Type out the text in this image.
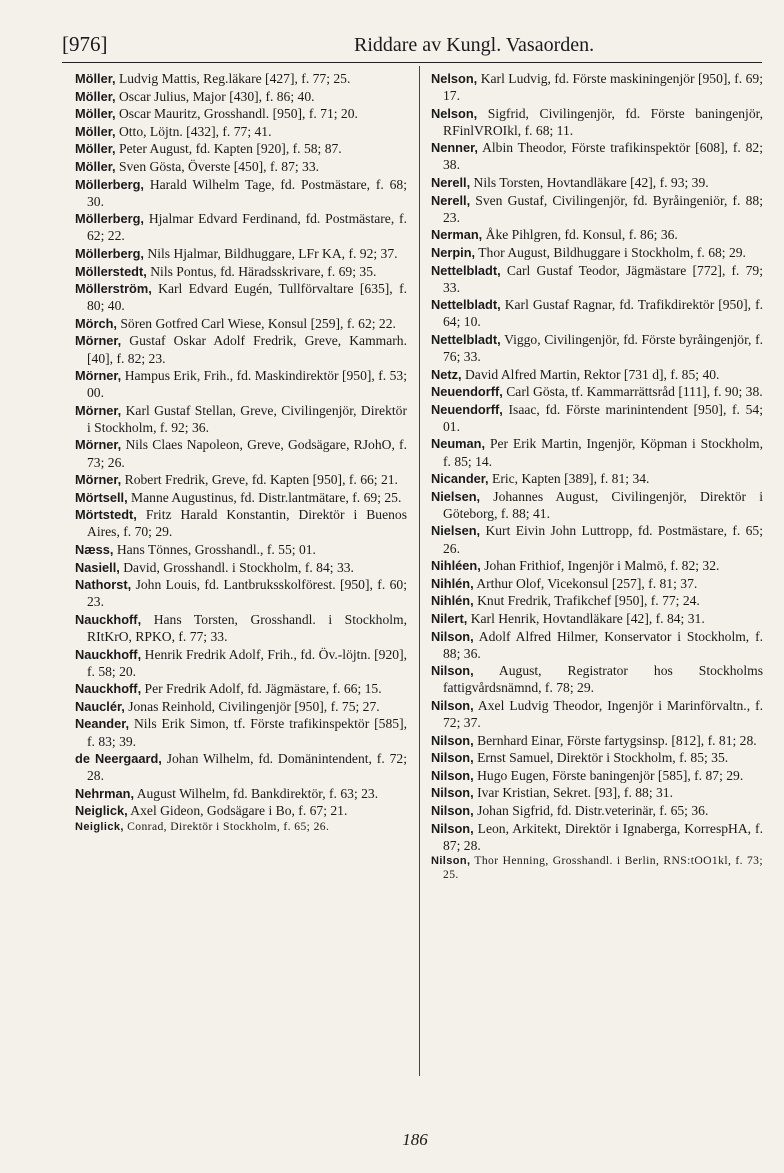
[976]	Riddare av Kungl. Vasaorden.

Möller, Ludvig Mattis, Reg.läkare [427], f. 77; 25.

Möller, Oscar Julius, Major [430], f. 86; 40.

Möller, Oscar Mauritz, Grosshandl. [950], f. 71; 20.

Möller, Otto, Löjtn. [432], f. 77; 41.

Möller, Peter August, fd. Kapten [920], f. 58; 87.

Möller, Sven Gösta, Överste [450], f. 87; 33.

Möllerberg, Harald Wilhelm Tage, fd. Postmästare, f. 68; 30.

Möllerberg, Hjalmar Edvard Ferdinand, fd. Postmästare, f. 62; 22.

Möllerberg, Nils Hjalmar, Bildhuggare, LFr KA, f. 92; 37.

Möllerstedt, Nils Pontus, fd. Häradsskrivare, f. 69; 35.

Möllerström, Karl Edvard Eugén, Tullförvaltare [635], f. 80; 40.

Mörch, Sören Gotfred Carl Wiese, Konsul [259], f. 62; 22.

Mörner, Gustaf Oskar Adolf Fredrik, Greve, Kammarh. [40], f. 82; 23.

Mörner, Hampus Erik, Frih., fd. Maskindirektör [950], f. 53; 00.

Mörner, Karl Gustaf Stellan, Greve, Civilingenjör, Direktör i Stockholm, f. 92; 36.

Mörner, Nils Claes Napoleon, Greve, Godsägare, RJohO, f. 73; 26.

Mörner, Robert Fredrik, Greve, fd. Kapten [950], f. 66; 21.

Mörtsell, Manne Augustinus, fd. Distr.lantmätare, f. 69; 25.

Mörtstedt, Fritz Harald Konstantin, Direktör i Buenos Aires, f. 70; 29.

Næss, Hans Tönnes, Grosshandl., f. 55; 01.

Nasiell, David, Grosshandl. i Stockholm, f. 84; 33.

Nathorst, John Louis, fd. Lantbruksskolförest. [950], f. 60; 23.

Nauckhoff, Hans Torsten, Grosshandl. i Stockholm, RItKrO, RPKO, f. 77; 33.

Nauckhoff, Henrik Fredrik Adolf, Frih., fd. Öv.-löjtn. [920], f. 58; 20.

Nauckhoff, Per Fredrik Adolf, fd. Jägmästare, f. 66; 15.

Nauclér, Jonas Reinhold, Civilingenjör [950], f. 75; 27.

Neander, Nils Erik Simon, tf. Förste trafikinspektör [585], f. 83; 39.

de Neergaard, Johan Wilhelm, fd. Domänintendent, f. 72; 28.

Nehrman, August Wilhelm, fd. Bankdirektör, f. 63; 23.

Neiglick, Axel Gideon, Godsägare i Bo, f. 67; 21.

Neiglick, Conrad, Direktör i Stockholm, f. 65; 26.

Nelson, Karl Ludvig, fd. Förste maskiningenjör [950], f. 69; 17.

Nelson, Sigfrid, Civilingenjör, fd. Förste baningenjör, RFinlVROIkl, f. 68; 11.

Nenner, Albin Theodor, Förste trafikinspektör [608], f. 82; 38.

Nerell, Nils Torsten, Hovtandläkare [42], f. 93; 39.

Nerell, Sven Gustaf, Civilingenjör, fd. Byråingeniör, f. 88; 23.

Nerman, Åke Pihlgren, fd. Konsul, f. 86; 36.

Nerpin, Thor August, Bildhuggare i Stockholm, f. 68; 29.

Nettelbladt, Carl Gustaf Teodor, Jägmästare [772], f. 79; 33.

Nettelbladt, Karl Gustaf Ragnar, fd. Trafikdirektör [950], f. 64; 10.

Nettelbladt, Viggo, Civilingenjör, fd. Förste byråingenjör, f. 76; 33.

Netz, David Alfred Martin, Rektor [731 d], f. 85; 40.

Neuendorff, Carl Gösta, tf. Kammarrättsråd [111], f. 90; 38.

Neuendorff, Isaac, fd. Förste marinintendent [950], f. 54; 01.

Neuman, Per Erik Martin, Ingenjör, Köpman i Stockholm, f. 85; 14.

Nicander, Eric, Kapten [389], f. 81; 34.

Nielsen, Johannes August, Civilingenjör, Direktör i Göteborg, f. 88; 41.

Nielsen, Kurt Eivin John Luttropp, fd. Postmästare, f. 65; 26.

Nihléen, Johan Frithiof, Ingenjör i Malmö, f. 82; 32.

Nihlén, Arthur Olof, Vicekonsul [257], f. 81; 37.

Nihlén, Knut Fredrik, Trafikchef [950], f. 77; 24.

Nilert, Karl Henrik, Hovtandläkare [42], f. 84; 31.

Nilson, Adolf Alfred Hilmer, Konservator i Stockholm, f. 88; 36.

Nilson, August, Registrator hos Stockholms fattigvårdsnämnd, f. 78; 29.

Nilson, Axel Ludvig Theodor, Ingenjör i Marinförvaltn., f. 72; 37.

Nilson, Bernhard Einar, Förste fartygsinsp. [812], f. 81; 28.

Nilson, Ernst Samuel, Direktör i Stockholm, f. 85; 35.

Nilson, Hugo Eugen, Förste baningenjör [585], f. 87; 29.

Nilson, Ivar Kristian, Sekret. [93], f. 88; 31.

Nilson, Johan Sigfrid, fd. Distr.veterinär, f. 65; 36.

Nilson, Leon, Arkitekt, Direktör i Ignaberga, KorrespHA, f. 87; 28.

Nilson, Thor Henning, Grosshandl. i Berlin, RNS:tOO1kl, f. 73; 25.

186
